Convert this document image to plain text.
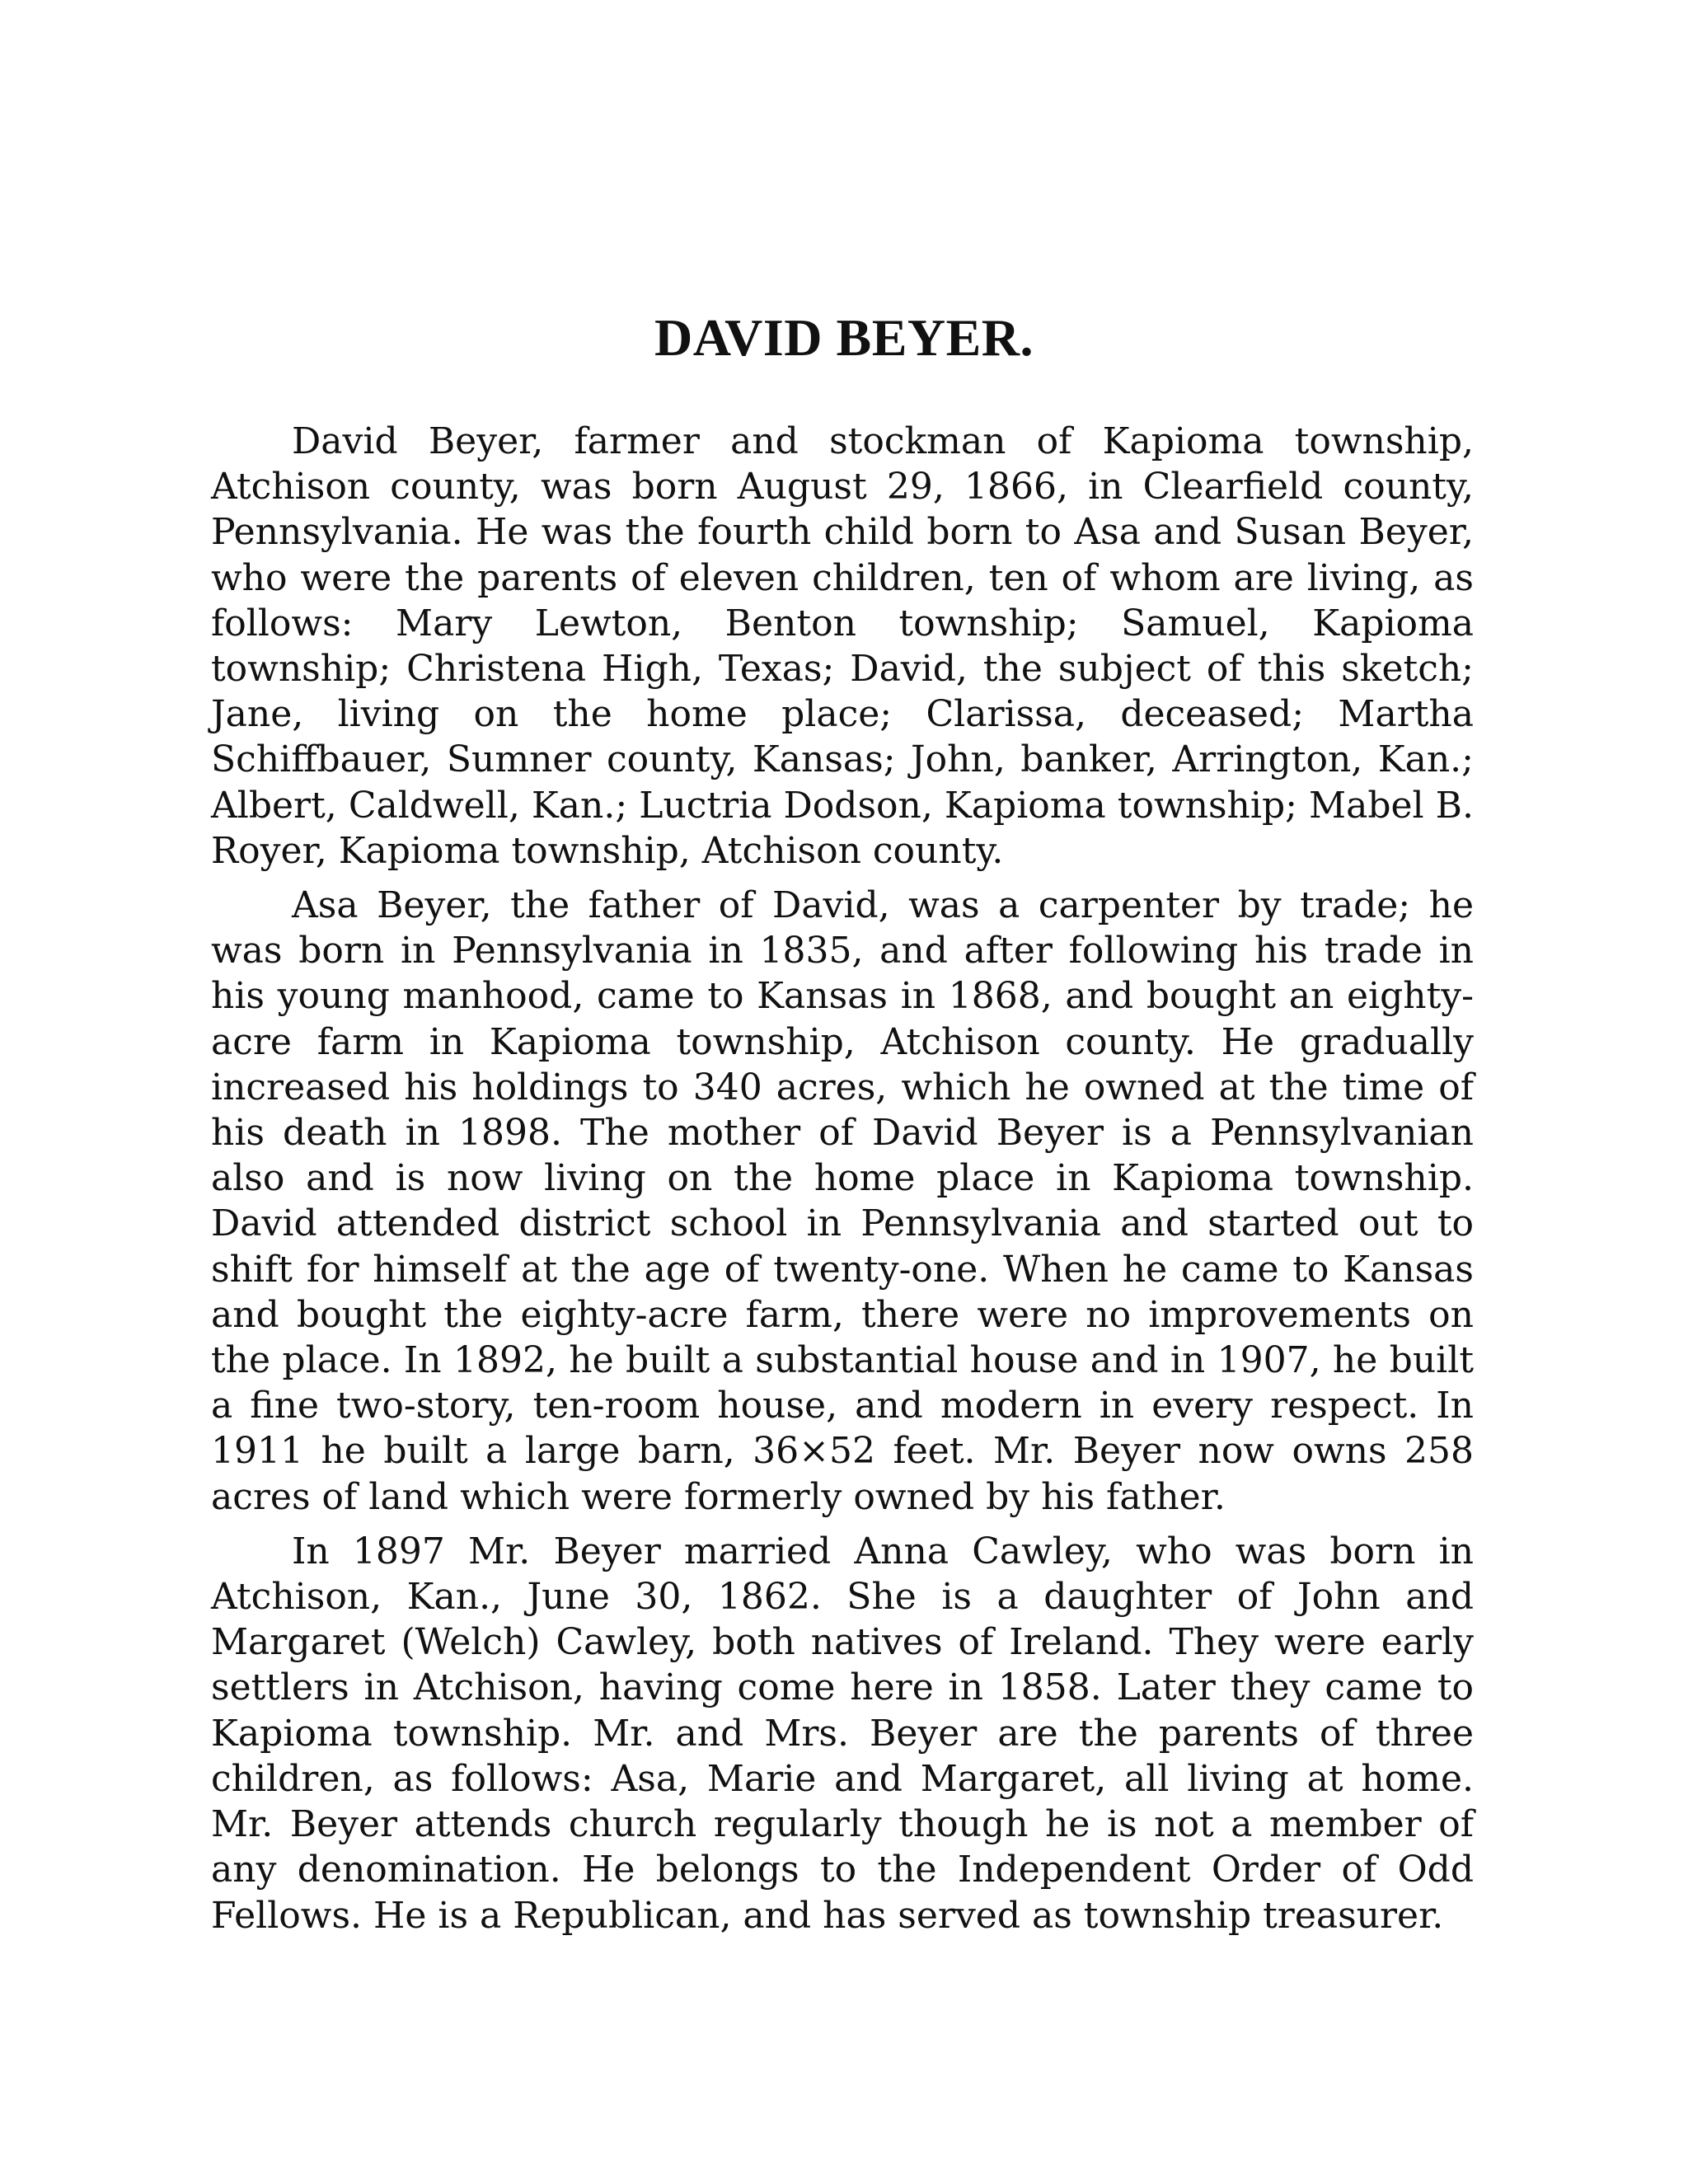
DAVID BEYER.

David Beyer, farmer and stockman of Kapioma township, Atchison county, was born August 29, 1866, in Clearfield county, Pennsylvania. He was the fourth child born to Asa and Susan Beyer, who were the parents of eleven children, ten of whom are living, as follows: Mary Lewton, Benton township; Samuel, Kapioma township; Christena High, Texas; David, the subject of this sketch; Jane, living on the home place; Clarissa, deceased; Martha Schiffbauer, Sumner county, Kansas; John, banker, Arrington, Kan.; Albert, Caldwell, Kan.; Luctria Dodson, Kapioma township; Mabel B. Royer, Kapioma township, Atchison county.

Asa Beyer, the father of David, was a carpenter by trade; he was born in Pennsylvania in 1835, and after following his trade in his young manhood, came to Kansas in 1868, and bought an eighty-acre farm in Kapioma township, Atchison county. He gradually increased his holdings to 340 acres, which he owned at the time of his death in 1898. The mother of David Beyer is a Pennsylvanian also and is now living on the home place in Kapioma township. David attended district school in Pennsylvania and started out to shift for himself at the age of twenty-one. When he came to Kansas and bought the eighty-acre farm, there were no improvements on the place. In 1892, he built a substantial house and in 1907, he built a fine two-story, ten-room house, and modern in every respect. In 1911 he built a large barn, 36×52 feet. Mr. Beyer now owns 258 acres of land which were formerly owned by his father.

In 1897 Mr. Beyer married Anna Cawley, who was born in Atchison, Kan., June 30, 1862. She is a daughter of John and Margaret (Welch) Cawley, both natives of Ireland. They were early settlers in Atchison, having come here in 1858. Later they came to Kapioma township. Mr. and Mrs. Beyer are the parents of three children, as follows: Asa, Marie and Margaret, all living at home. Mr. Beyer attends church regularly though he is not a member of any denomination. He belongs to the Independent Order of Odd Fellows. He is a Republican, and has served as township treasurer.
